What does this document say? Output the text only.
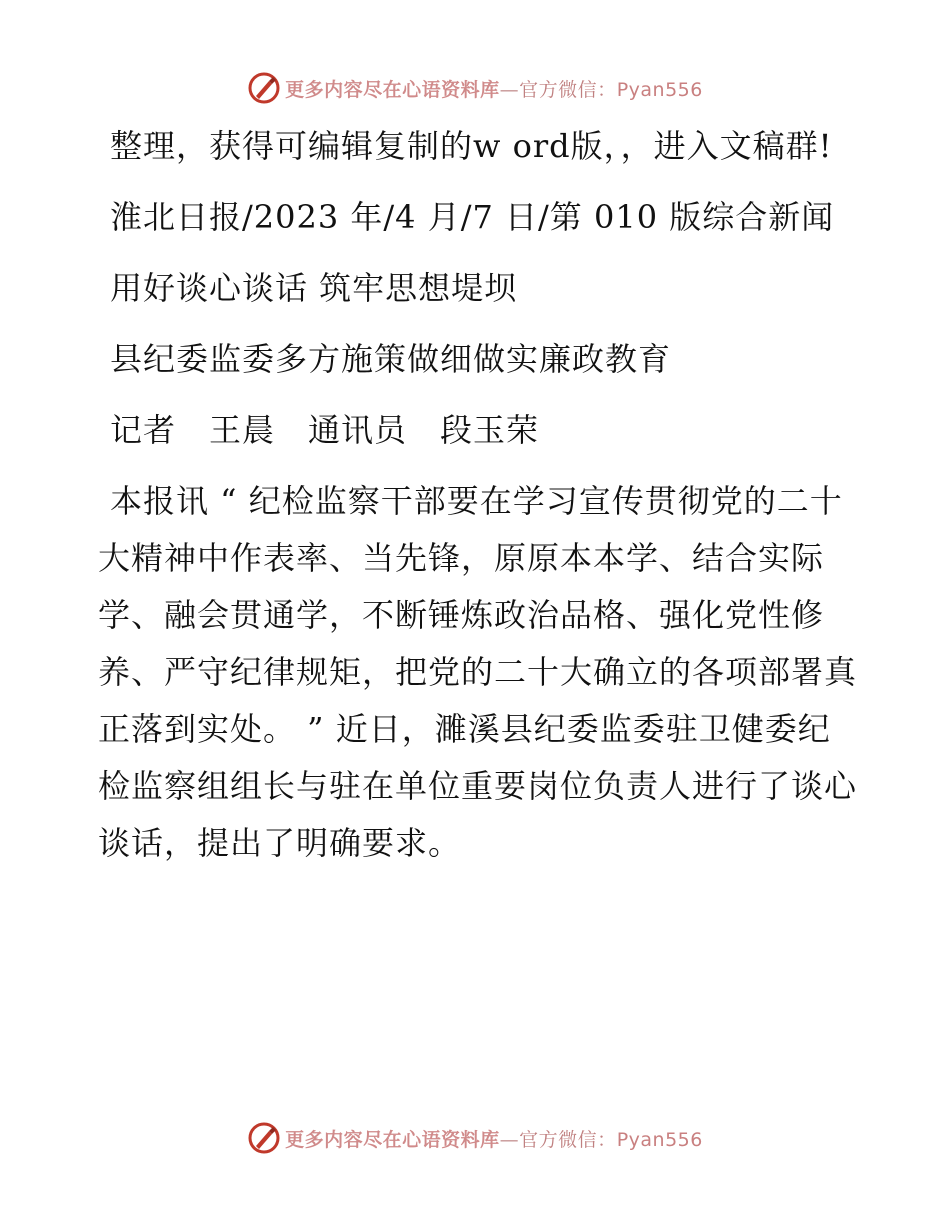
更多内容尽在心语资料库—官方微信：Pyan556

整理，获得可编辑复制的w ord版，，进入文稿群!

淮北日报/2023 年/4 月/7 日/第 010 版综合新闻

用好谈心谈话 筑牢思想堤坝

县纪委监委多方施策做细做实廉政教育

记者　王晨　通讯员　段玉荣

本报讯 “ 纪检监察干部要在学习宣传贯彻党的二十大精神中作表率、当先锋，原原本本学、结合实际学、融会贯通学，不断锤炼政治品格、强化党性修养、严守纪律规矩，把党的二十大确立的各项部署真正落到实处。 ” 近日，濉溪县纪委监委驻卫健委纪检监察组组长与驻在单位重要岗位负责人进行了谈心谈话，提出了明确要求。

更多内容尽在心语资料库—官方微信：Pyan556
